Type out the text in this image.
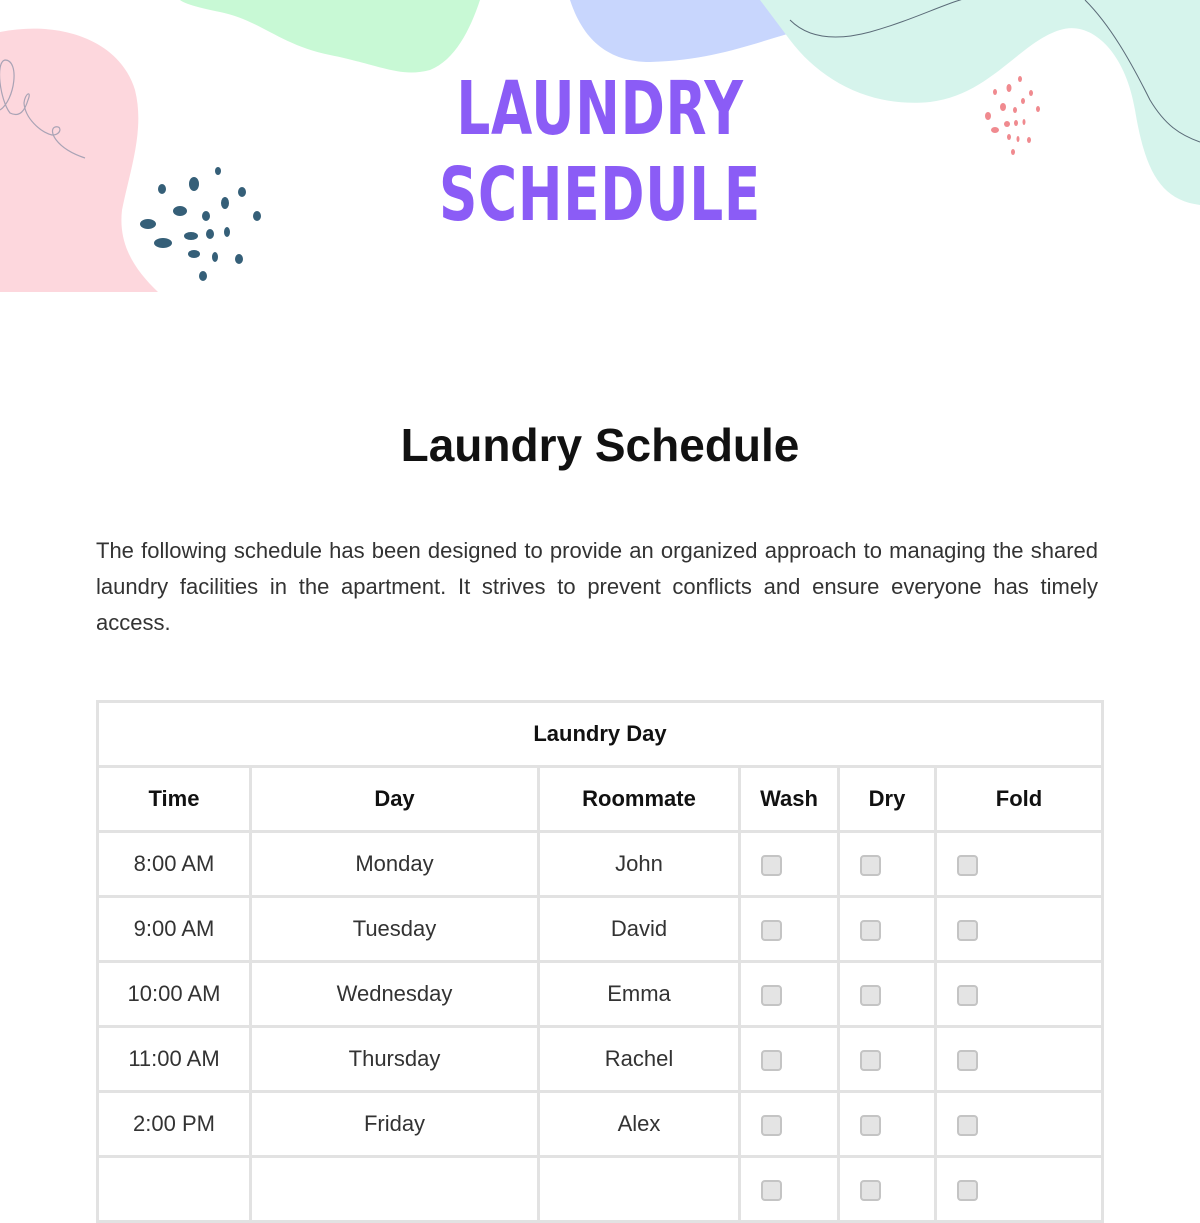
LAUNDRY
SCHEDULE
Laundry Schedule
The following schedule has been designed to provide an organized approach to managing the shared laundry facilities in the apartment. It strives to prevent conflicts and ensure everyone has timely access.
Laundry Day					
Time	Day	Roommate	Wash	Dry	Fold
8:00 AM	Monday	John			
9:00 AM	Tuesday	David			
10:00 AM	Wednesday	Emma			
11:00 AM	Thursday	Rachel			
2:00 PM	Friday	Alex			
